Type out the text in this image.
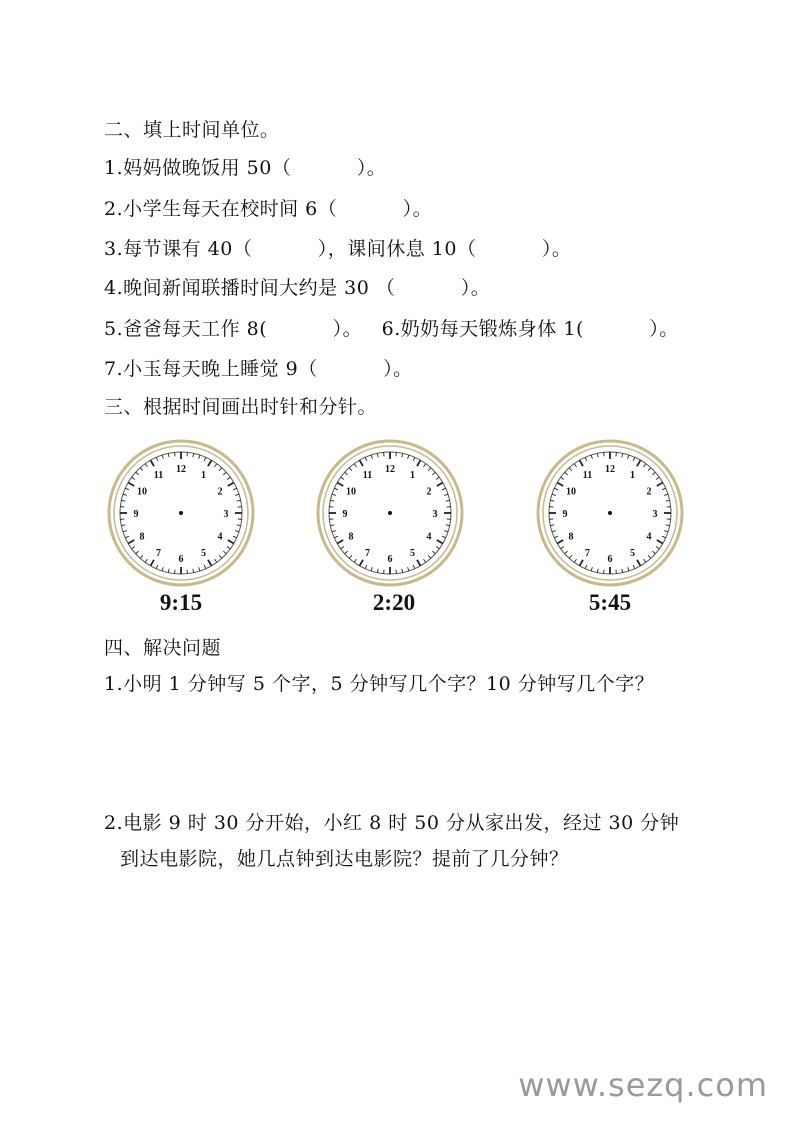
二、填上时间单位。
1.妈妈做晚饭用 50（          ）。
2.小学生每天在校时间 6（          ）。
3.每节课有 40（          ），课间休息 10（          ）。
4.晚间新闻联播时间大约是 30 （          ）。
5.爸爸每天工作 8(          ）。   6.奶奶每天锻炼身体 1(          ）。
7.小玉每天晚上睡觉 9（          ）。
三、根据时间画出时针和分针。
12
1
2
3
4
5
6
7
8
9
10
11
12
1
2
3
4
5
6
7
8
9
10
11
12
1
2
3
4
5
6
7
8
9
10
11
9:15	2:20	5:45
四、解决问题
1.小明 1 分钟写 5 个字，5 分钟写几个字？10 分钟写几个字？
2.电影 9 时 30 分开始，小红 8 时 50 分从家出发，经过 30 分钟
到达电影院，她几点钟到达电影院？提前了几分钟？
www.sezq.com
